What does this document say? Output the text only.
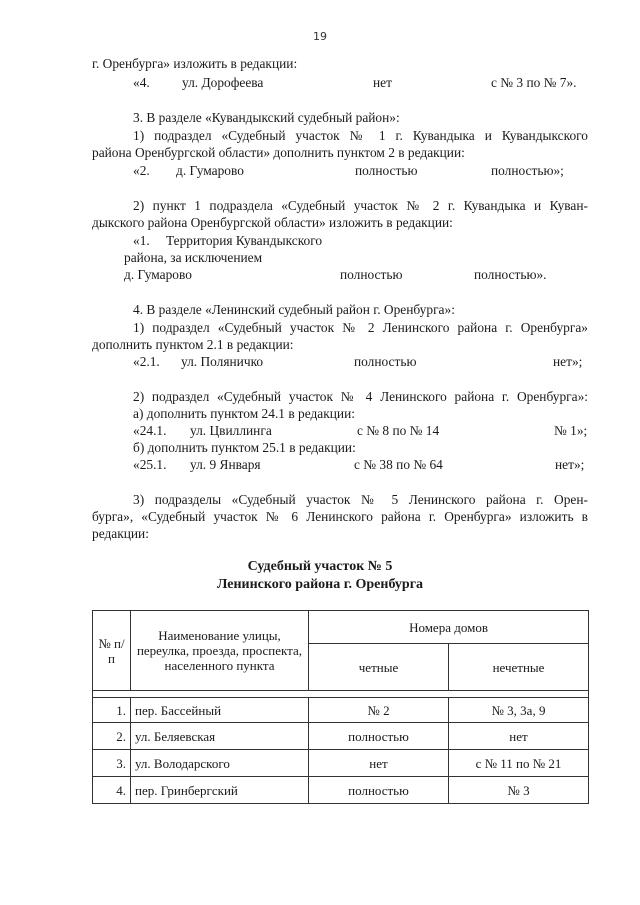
19
г. Оренбурга» изложить в редакции:
«4. ул. Дорофеева	нет	с № 3 по № 7».
3. В разделе «Кувандыкский судебный район»:
1) подраздел «Судебный участок № 1 г. Кувандыка и Кувандыкского
района Оренбургской области» дополнить пунктом 2 в редакции:
«2. д. Гумарово	полностью	полностью»;
2) пункт 1 подраздела «Судебный участок № 2 г. Кувандыка и Куван-
дыкского района Оренбургской области» изложить в редакции:
«1. Территория Кувандыкского
района, за исключением
д. Гумарово	полностью	полностью».
4. В разделе «Ленинский судебный район г. Оренбурга»:
1) подраздел «Судебный участок № 2 Ленинского района г. Оренбурга»
дополнить пунктом 2.1 в редакции:
«2.1. ул. Поляничко	полностью	нет»;
2) подраздел «Судебный участок № 4 Ленинского района г. Оренбурга»:
а) дополнить пунктом 24.1 в редакции:
«24.1. ул. Цвиллинга	с № 8 по № 14	№ 1»;
б) дополнить пунктом 25.1 в редакции:
«25.1. ул. 9 Января	с № 38 по № 64	нет»;
3) подразделы «Судебный участок № 5 Ленинского района г. Орен-
бурга», «Судебный участок № 6 Ленинского района г. Оренбурга» изложить в
редакции:
Судебный участок № 5
Ленинского района г. Оренбурга
№ п/п	Наименование улицы, переулка, проезда, проспекта, населенного пункта	Номера домов	
		четные	нечетные

1.	пер. Бассейный	№ 2	№ 3, 3а, 9
2.	ул. Беляевская	полностью	нет
3.	ул. Володарского	нет	с № 11 по № 21
4.	пер. Гринбергский	полностью	№ 3
